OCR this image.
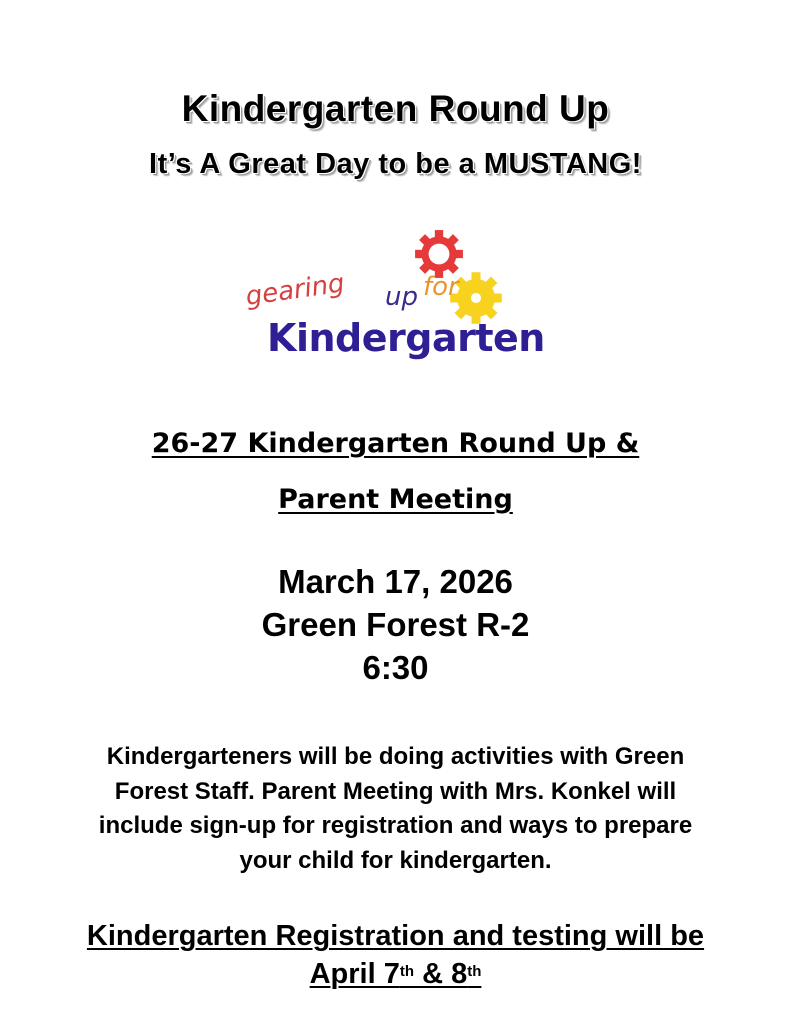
Kindergarten Round Up
It’s A Great Day to be a MUSTANG!
gearing up for
Kindergarten
26-27 Kindergarten Round Up &
Parent Meeting
March 17, 2026
Green Forest R-2
6:30
Kindergarteners will be doing activities with Green
Forest Staff. Parent Meeting with Mrs. Konkel will
include sign-up for registration and ways to prepare
your child for kindergarten.
Kindergarten Registration and testing will be
April 7th & 8th
